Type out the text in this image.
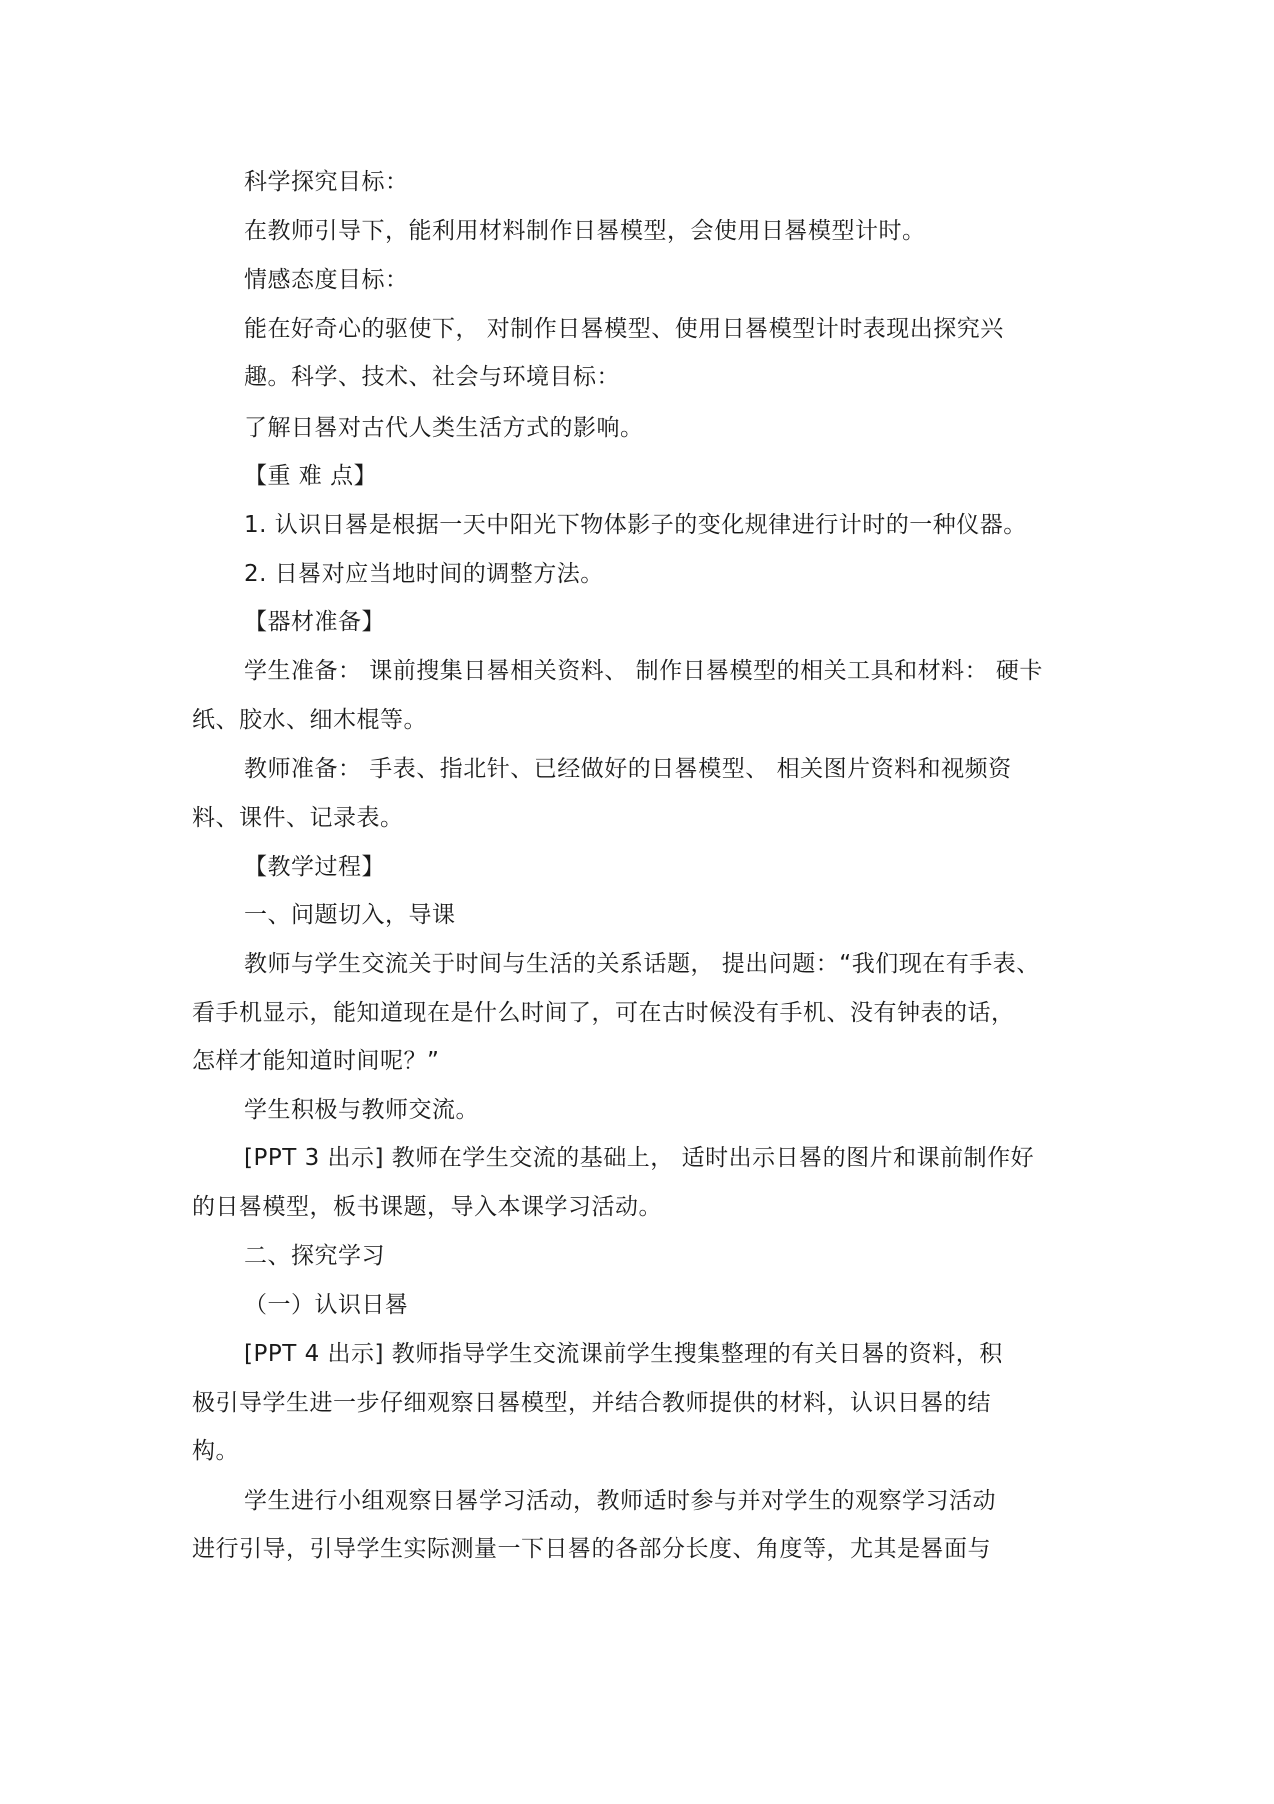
科学探究目标：
在教师引导下，能利用材料制作日晷模型，会使用日晷模型计时。
情感态度目标：
能在好奇心的驱使下， 对制作日晷模型、使用日晷模型计时表现出探究兴
趣。科学、技术、社会与环境目标：
了解日晷对古代人类生活方式的影响。
【重 难 点】
1. 认识日晷是根据一天中阳光下物体影子的变化规律进行计时的一种仪器。
2. 日晷对应当地时间的调整方法。
【器材准备】
学生准备： 课前搜集日晷相关资料、 制作日晷模型的相关工具和材料： 硬卡
纸、胶水、细木棍等。
教师准备： 手表、指北针、已经做好的日晷模型、 相关图片资料和视频资
料、课件、记录表。
【教学过程】
一、问题切入，导课
教师与学生交流关于时间与生活的关系话题， 提出问题：“我们现在有手表、
看手机显示，能知道现在是什么时间了，可在古时候没有手机、没有钟表的话，
怎样才能知道时间呢？”
学生积极与教师交流。
[PPT 3 出示] 教师在学生交流的基础上， 适时出示日晷的图片和课前制作好
的日晷模型，板书课题，导入本课学习活动。
二、探究学习
（一）认识日晷
[PPT 4 出示] 教师指导学生交流课前学生搜集整理的有关日晷的资料，积
极引导学生进一步仔细观察日晷模型，并结合教师提供的材料，认识日晷的结
构。
学生进行小组观察日晷学习活动，教师适时参与并对学生的观察学习活动
进行引导，引导学生实际测量一下日晷的各部分长度、角度等，尤其是晷面与
